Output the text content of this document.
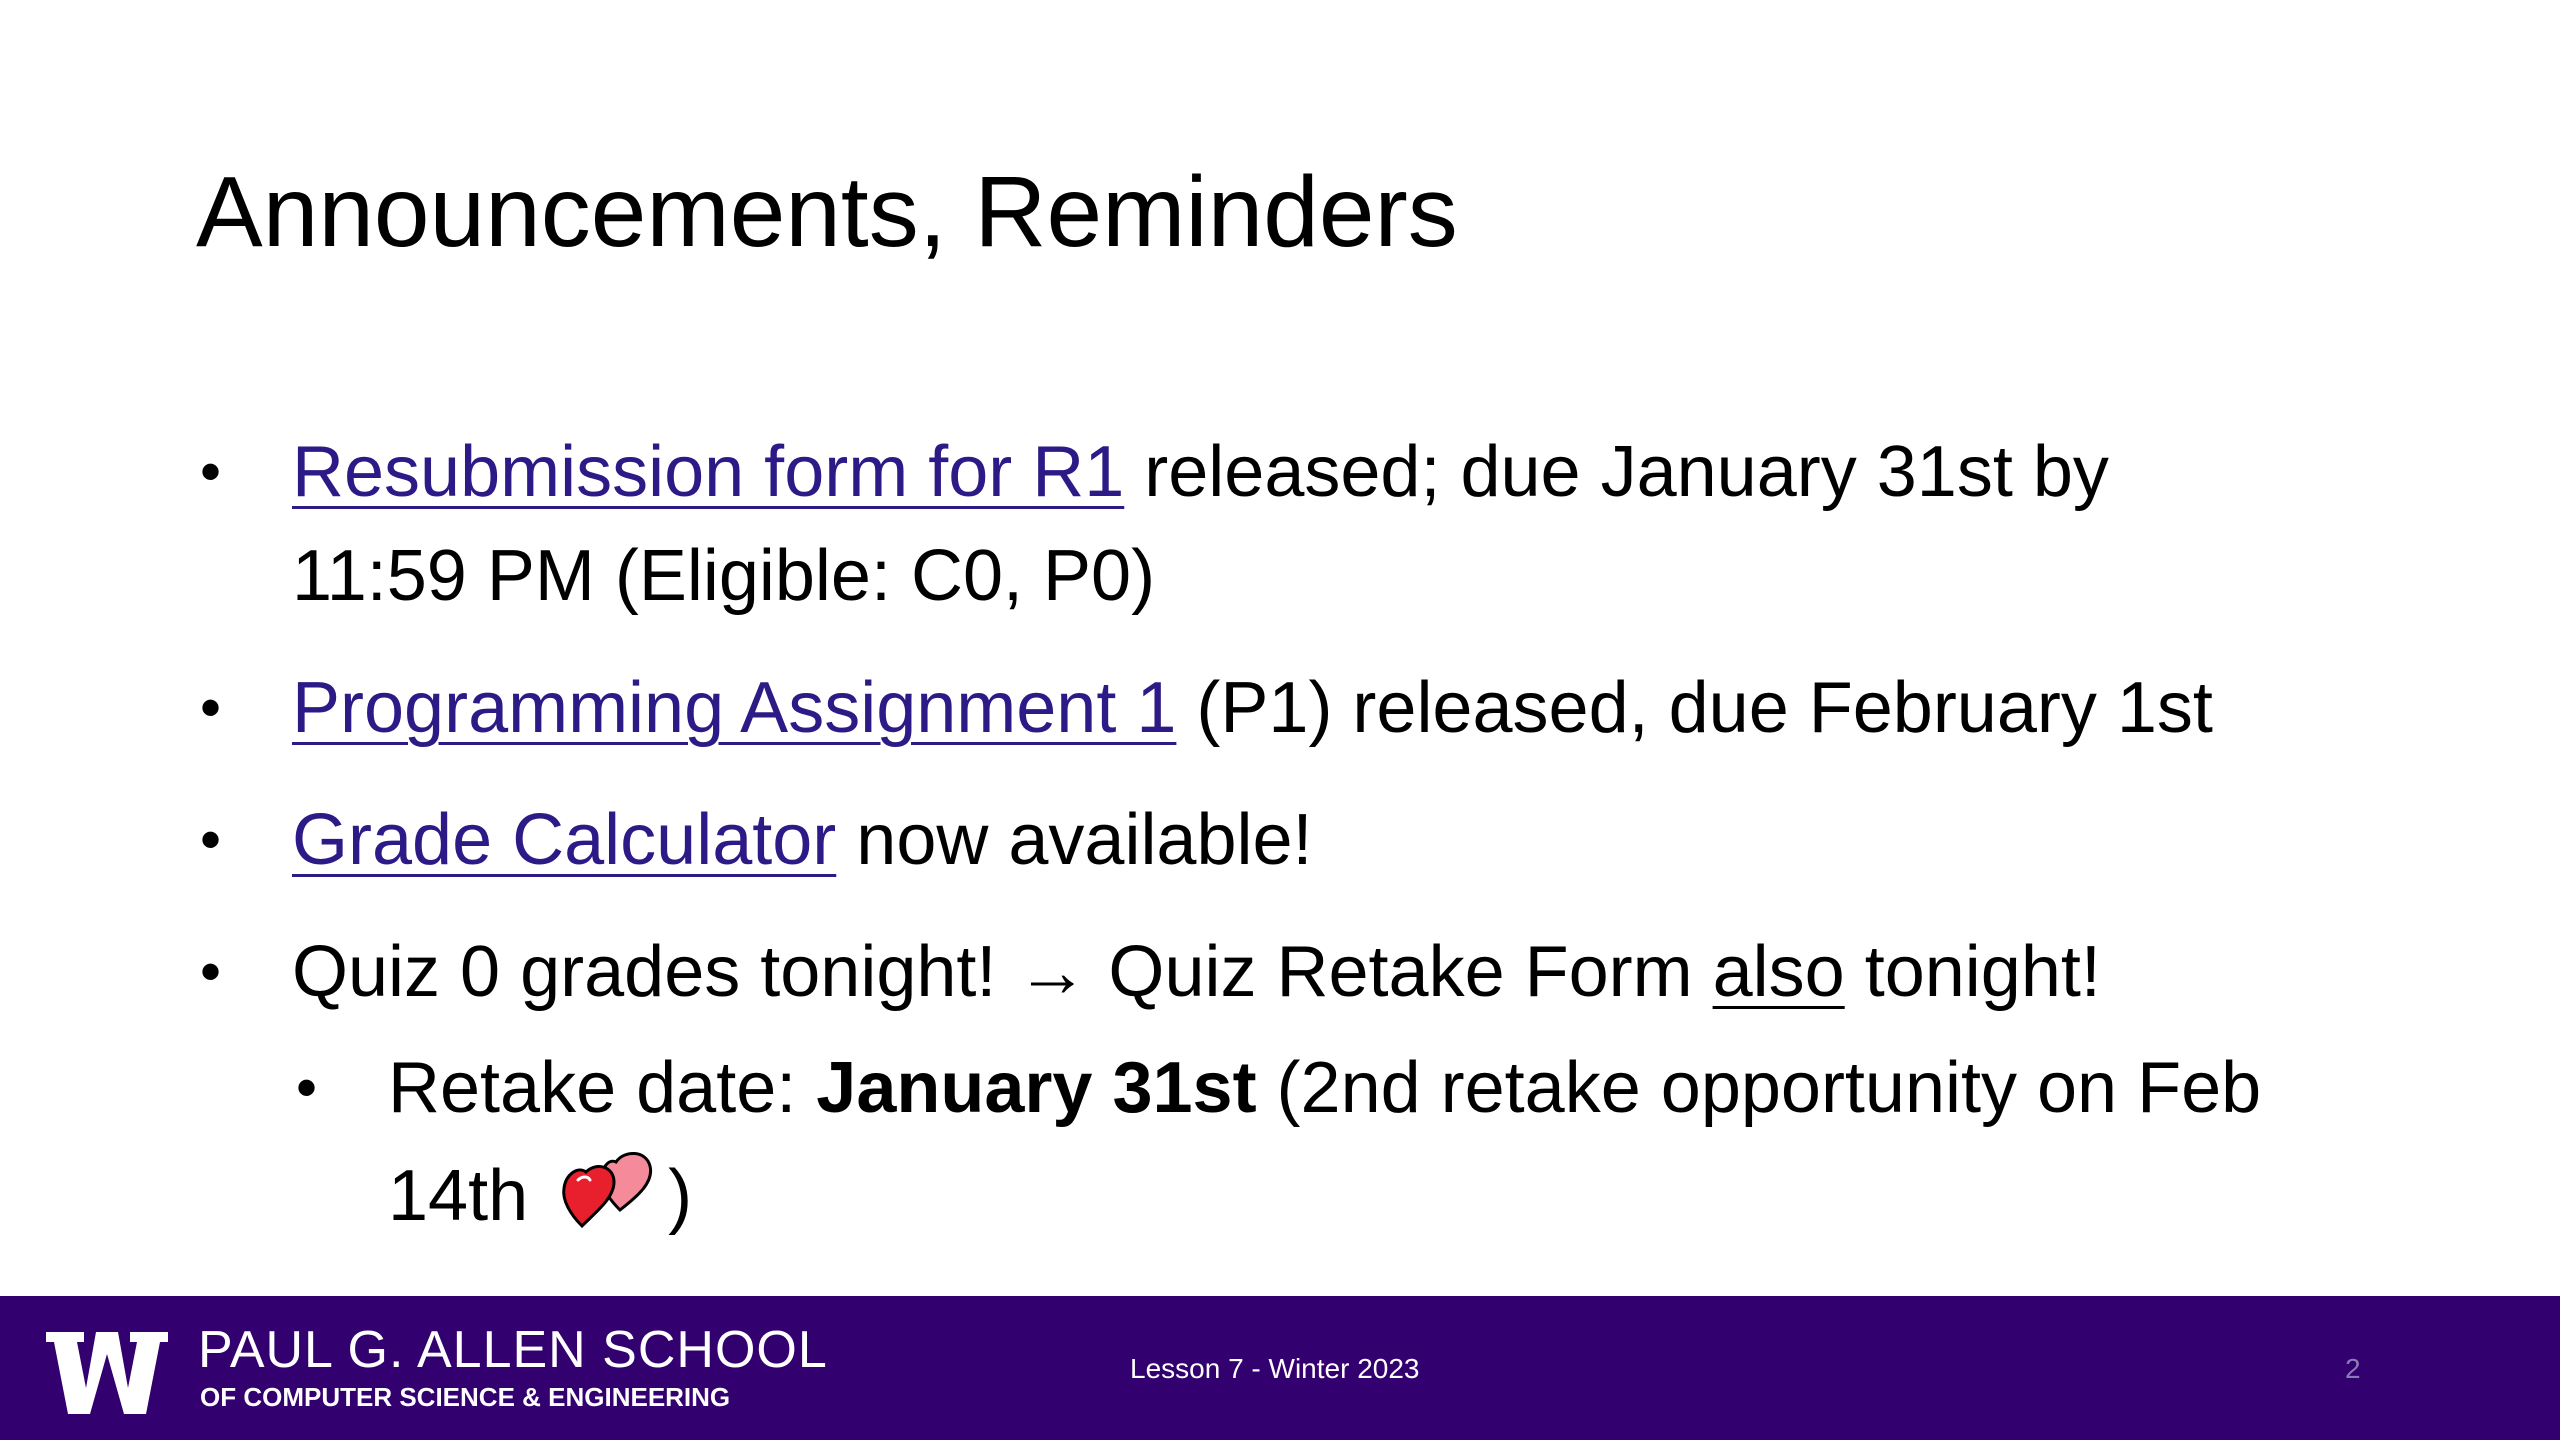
Announcements, Reminders
• Resubmission form for R1 released; due January 31st by
11:59 PM (Eligible: C0, P0)
• Programming Assignment 1 (P1) released, due February 1st
• Grade Calculator now available!
• Quiz 0 grades tonight! → Quiz Retake Form also tonight!
• Retake date: January 31st (2nd retake opportunity on Feb
14th )
PAUL G. ALLEN SCHOOL
OF COMPUTER SCIENCE & ENGINEERING
Lesson 7 - Winter 2023	2
